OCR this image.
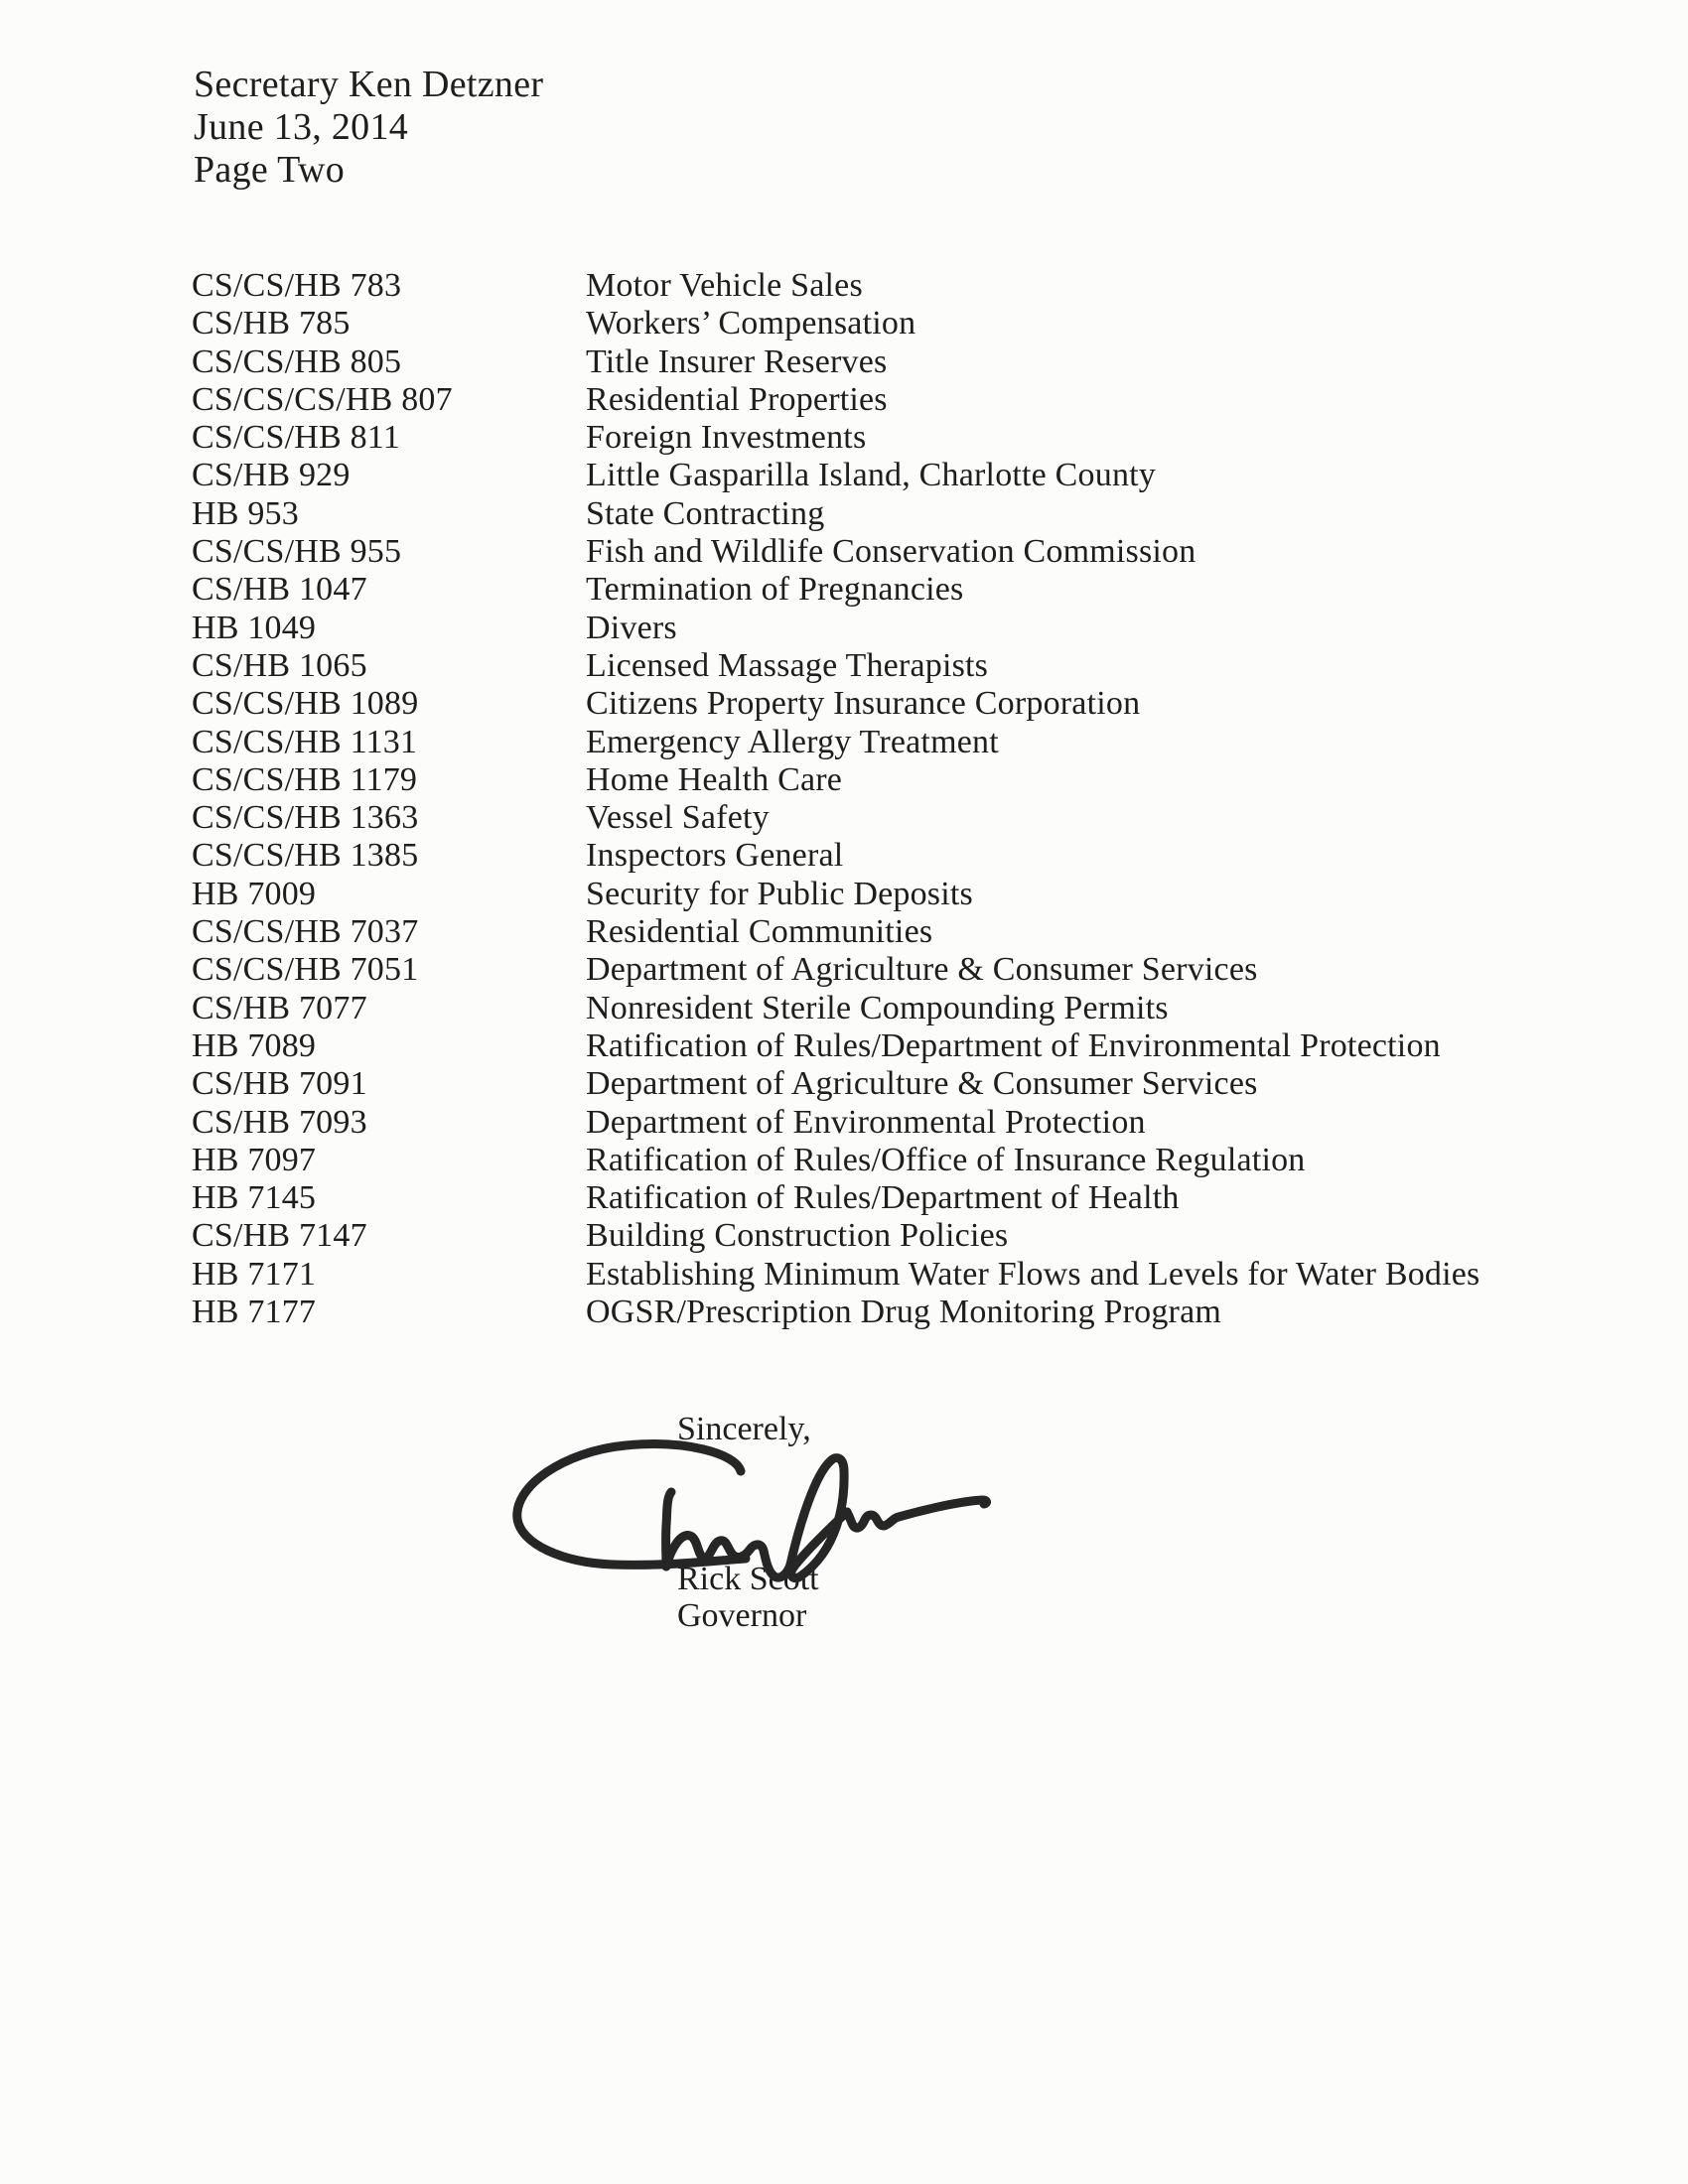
Secretary Ken Detzner
June 13, 2014
Page Two
CS/CS/HB 783	Motor Vehicle Sales
CS/HB 785	Workers’ Compensation
CS/CS/HB 805	Title Insurer Reserves
CS/CS/CS/HB 807	Residential Properties
CS/CS/HB 811	Foreign Investments
CS/HB 929	Little Gasparilla Island, Charlotte County
HB 953	State Contracting
CS/CS/HB 955	Fish and Wildlife Conservation Commission
CS/HB 1047	Termination of Pregnancies
HB 1049	Divers
CS/HB 1065	Licensed Massage Therapists
CS/CS/HB 1089	Citizens Property Insurance Corporation
CS/CS/HB 1131	Emergency Allergy Treatment
CS/CS/HB 1179	Home Health Care
CS/CS/HB 1363	Vessel Safety
CS/CS/HB 1385	Inspectors General
HB 7009	Security for Public Deposits
CS/CS/HB 7037	Residential Communities
CS/CS/HB 7051	Department of Agriculture & Consumer Services
CS/HB 7077	Nonresident Sterile Compounding Permits
HB 7089	Ratification of Rules/Department of Environmental Protection
CS/HB 7091	Department of Agriculture & Consumer Services
CS/HB 7093	Department of Environmental Protection
HB 7097	Ratification of Rules/Office of Insurance Regulation
HB 7145	Ratification of Rules/Department of Health
CS/HB 7147	Building Construction Policies
HB 7171	Establishing Minimum Water Flows and Levels for Water Bodies
HB 7177	OGSR/Prescription Drug Monitoring Program
Sincerely,
Rick Scott
Governor
